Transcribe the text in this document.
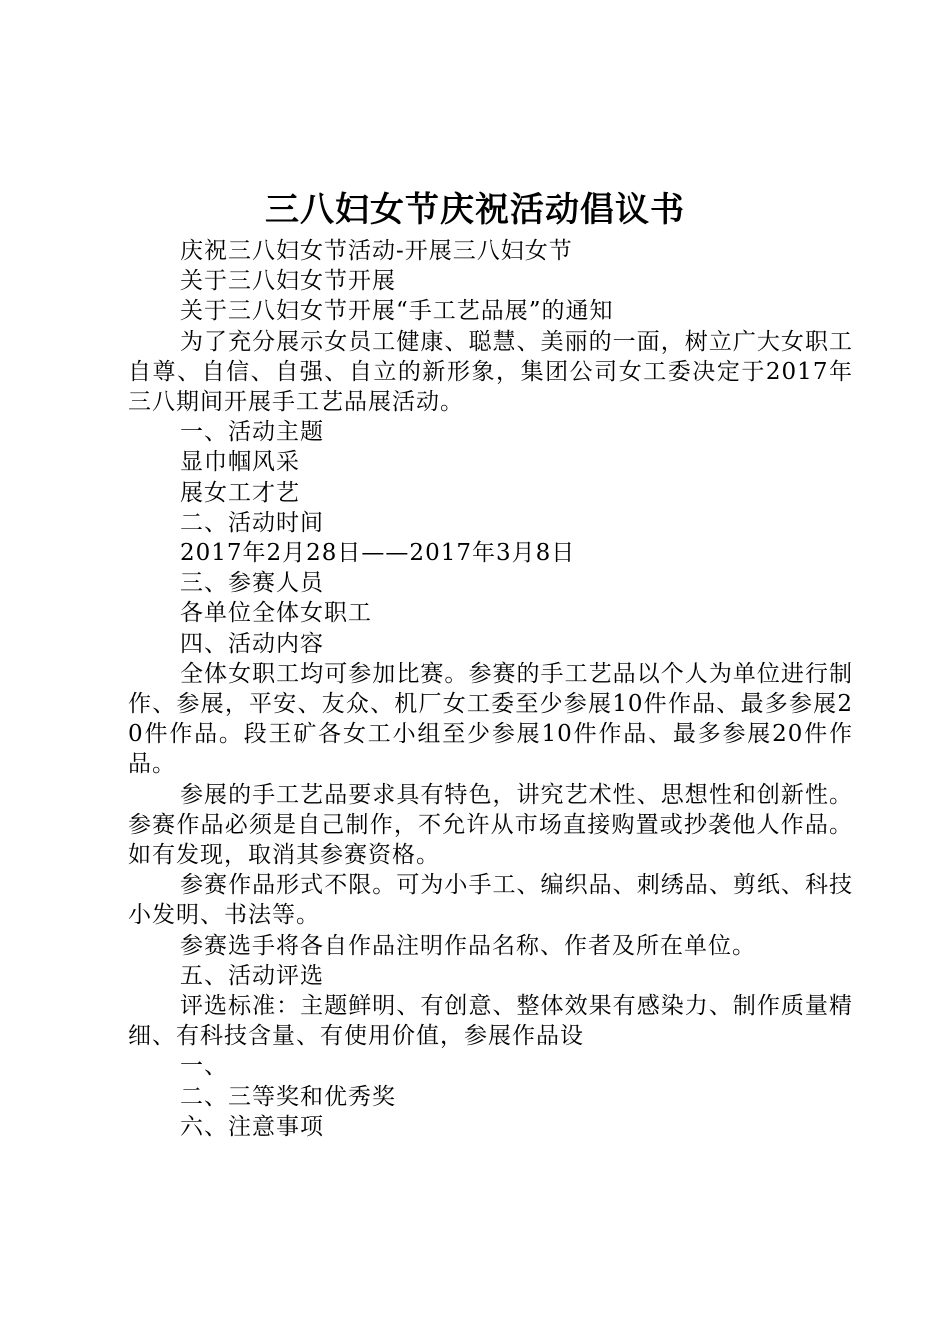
三八妇女节庆祝活动倡议书

庆祝三八妇女节活动-开展三八妇女节

关于三八妇女节开展

关于三八妇女节开展“手工艺品展”的通知

为了充分展示女员工健康、聪慧、美丽的一面，树立广大女职工自尊、自信、自强、自立的新形象，集团公司女工委决定于2017年三八期间开展手工艺品展活动。

一、活动主题

显巾帼风采

展女工才艺

二、活动时间

2017年2月28日——2017年3月8日

三、参赛人员

各单位全体女职工

四、活动内容

全体女职工均可参加比赛。参赛的手工艺品以个人为单位进行制作、参展，平安、友众、机厂女工委至少参展10件作品、最多参展20件作品。段王矿各女工小组至少参展10件作品、最多参展20件作品。

参展的手工艺品要求具有特色，讲究艺术性、思想性和创新性。参赛作品必须是自己制作，不允许从市场直接购置或抄袭他人作品。如有发现，取消其参赛资格。

参赛作品形式不限。可为小手工、编织品、刺绣品、剪纸、科技小发明、书法等。

参赛选手将各自作品注明作品名称、作者及所在单位。

五、活动评选

评选标准：主题鲜明、有创意、整体效果有感染力、制作质量精细、有科技含量、有使用价值，参展作品设

一、

二、三等奖和优秀奖

六、注意事项
